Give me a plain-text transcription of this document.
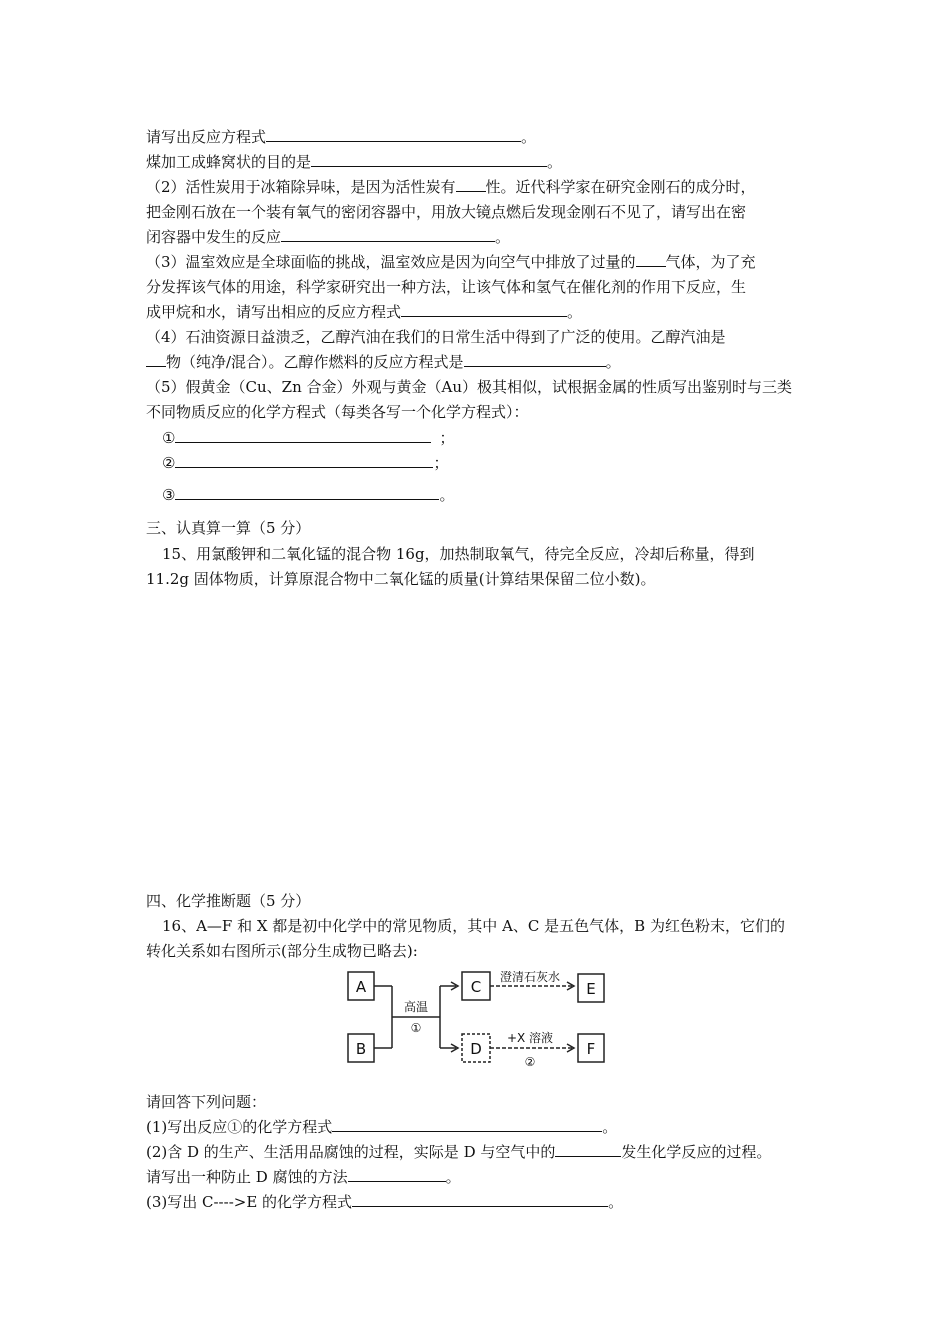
请写出反应方程式	。
煤加工成蜂窝状的目的是	。
（2）活性炭用于冰箱除异味，是因为活性炭有 性。近代科学家在研究金刚石的成分时，
把金刚石放在一个装有氧气的密闭容器中，用放大镜点燃后发现金刚石不见了，请写出在密
闭容器中发生的反应	。
（3）温室效应是全球面临的挑战，温室效应是因为向空气中排放了过量的 气体，为了充
分发挥该气体的用途，科学家研究出一种方法，让该气体和氢气在催化剂的作用下反应，生
成甲烷和水，请写出相应的反应方程式	。
（4）石油资源日益溃乏，乙醇汽油在我们的日常生活中得到了广泛的使用。乙醇汽油是
物（纯净/混合）。乙醇作燃料的反应方程式是	。
（5）假黄金（Cu、Zn 合金）外观与黄金（Au）极其相似，试根据金属的性质写出鉴别时与三类
不同物质反应的化学方程式（每类各写一个化学方程式）：
①	；
②	；
③	。
三、认真算一算（5 分）
15、用氯酸钾和二氧化锰的混合物 16g，加热制取氧气，待完全反应，冷却后称量，得到
11.2g 固体物质，计算原混合物中二氧化锰的质量(计算结果保留二位小数)。
四、化学推断题（5 分）
16、A—F 和 X 都是初中化学中的常见物质，其中 A、C 是五色气体，B 为红色粉末，它们的
转化关系如右图所示(部分生成物已略去):
A
B
C
D
E
F
高温
①
澄清石灰水
+X 溶液
②
请回答下列问题：
(1)写出反应①的化学方程式	。
(2)含 D 的生产、生活用品腐蚀的过程，实际是 D 与空气中的	发生化学反应的过程。
请写出一种防止 D 腐蚀的方法	。
(3)写出 C---->E 的化学方程式	。
